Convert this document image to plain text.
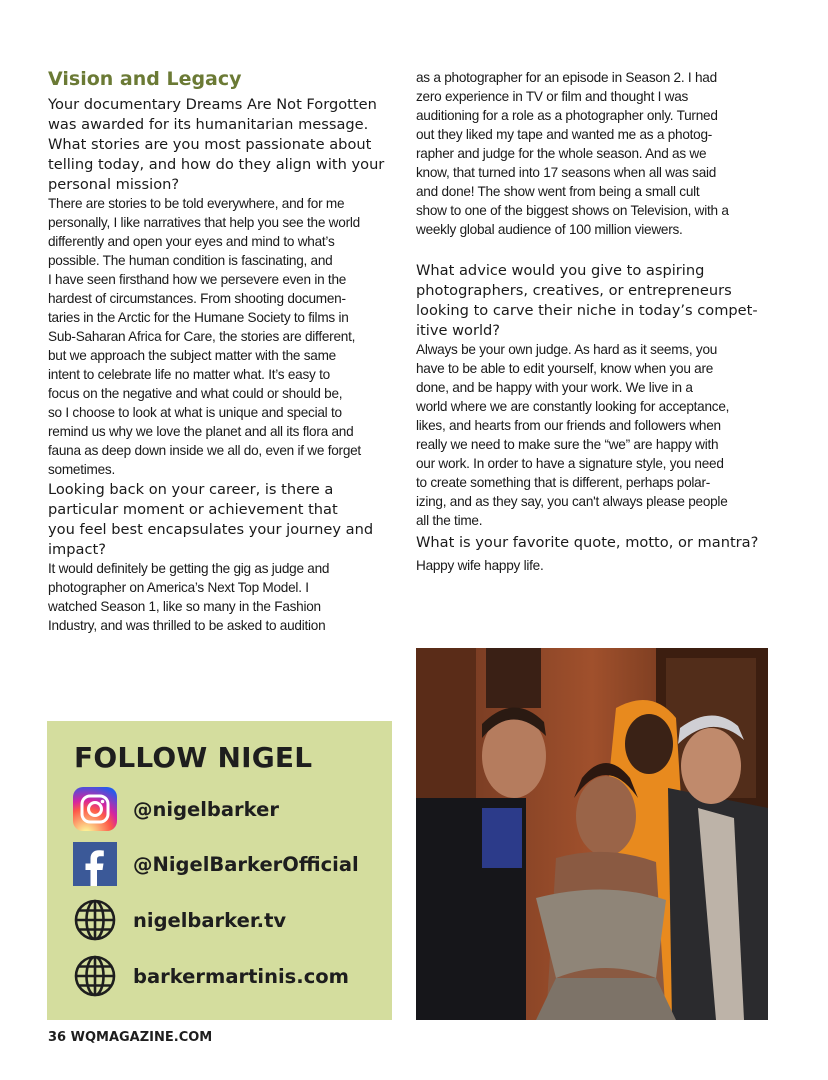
Vision and Legacy

Your documentary Dreams Are Not Forgotten

was awarded for its humanitarian message.

What stories are you most passionate about

telling today, and how do they align with your

personal mission?

There are stories to be told everywhere, and for me

personally, I like narratives that help you see the world

differently and open your eyes and mind to what’s

possible. The human condition is fascinating, and

I have seen firsthand how we persevere even in the

hardest of circumstances. From shooting documen-

taries in the Arctic for the Humane Society to films in

Sub-Saharan Africa for Care, the stories are different,

but we approach the subject matter with the same

intent to celebrate life no matter what. It’s easy to

focus on the negative and what could or should be,

so I choose to look at what is unique and special to

remind us why we love the planet and all its flora and

fauna as deep down inside we all do, even if we forget

sometimes.

Looking back on your career, is there a

particular moment or achievement that

you feel best encapsulates your journey and

impact?

It would definitely be getting the gig as judge and

photographer on America’s Next Top Model. I

watched Season 1, like so many in the Fashion

Industry, and was thrilled to be asked to audition

as a photographer for an episode in Season 2. I had

zero experience in TV or film and thought I was

auditioning for a role as a photographer only. Turned

out they liked my tape and wanted me as a photog-

rapher and judge for the whole season. And as we

know, that turned into 17 seasons when all was said

and done! The show went from being a small cult

show to one of the biggest shows on Television, with a

weekly global audience of 100 million viewers.

What advice would you give to aspiring

photographers, creatives, or entrepreneurs

looking to carve their niche in today’s compet-

itive world?

Always be your own judge. As hard as it seems, you

have to be able to edit yourself, know when you are

done, and be happy with your work. We live in a

world where we are constantly looking for acceptance,

likes, and hearts from our friends and followers when

really we need to make sure the “we” are happy with

our work. In order to have a signature style, you need

to create something that is different, perhaps polar-

izing, and as they say, you can't always please people

all the time.

What is your favorite quote, motto, or mantra?

Happy wife happy life.

FOLLOW NIGEL
@nigelbarker
@NigelBarkerOfficial
nigelbarker.tv
barkermartinis.com

36 WQMAGAZINE.COM
